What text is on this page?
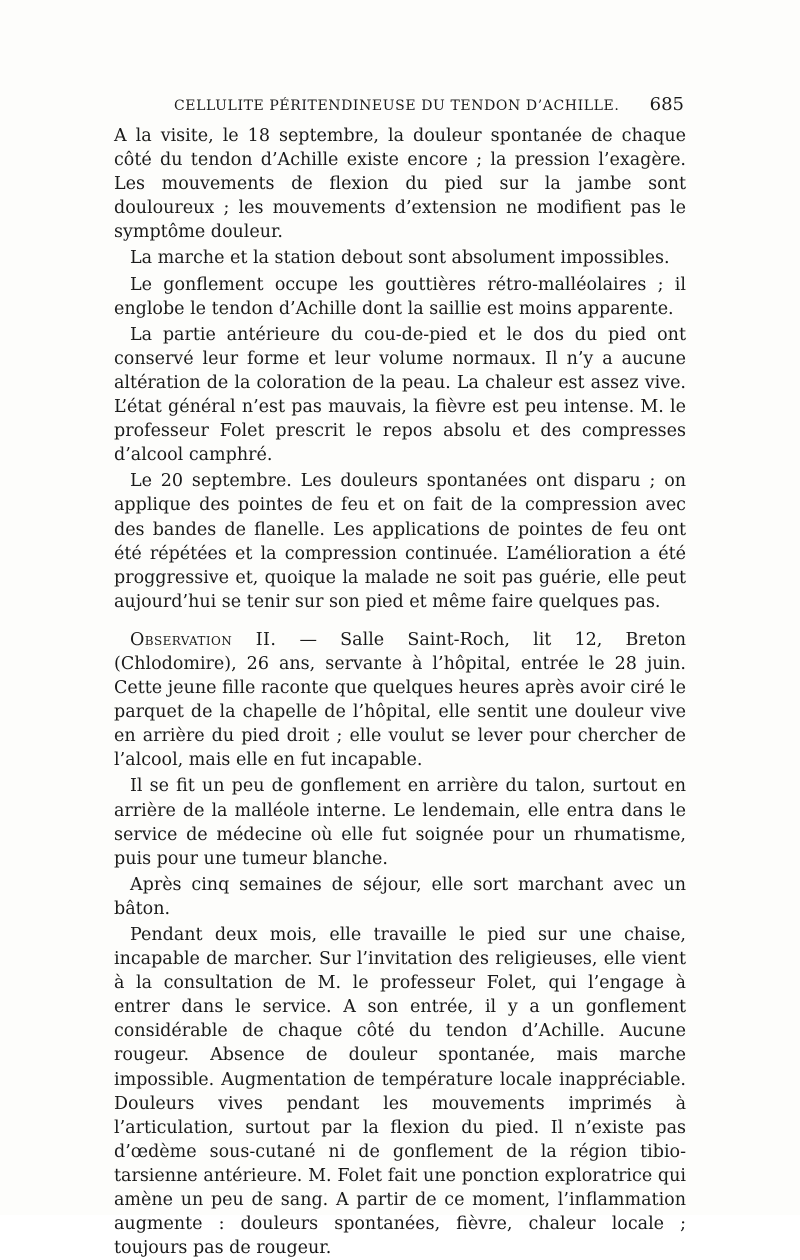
CELLULITE PÉRITENDINEUSE DU TENDON D’ACHILLE. 685

A la visite, le 18 septembre, la douleur spontanée de chaque côté du tendon d’Achille existe encore ; la pression l’exagère. Les mouvements de flexion du pied sur la jambe sont douloureux ; les mouvements d’extension ne modifient pas le symptôme douleur.

La marche et la station debout sont absolument impossibles.

Le gonflement occupe les gouttières rétro-malléolaires ; il englobe le tendon d’Achille dont la saillie est moins apparente.

La partie antérieure du cou-de-pied et le dos du pied ont conservé leur forme et leur volume normaux. Il n’y a aucune altération de la coloration de la peau. La chaleur est assez vive. L’état général n’est pas mauvais, la fièvre est peu intense. M. le professeur Folet prescrit le repos absolu et des compresses d’alcool camphré.

Le 20 septembre. Les douleurs spontanées ont disparu ; on applique des pointes de feu et on fait de la compression avec des bandes de flanelle. Les applications de pointes de feu ont été répétées et la compression continuée. L’amélioration a été proggressive et, quoique la malade ne soit pas guérie, elle peut aujourd’hui se tenir sur son pied et même faire quelques pas.

Observation II. — Salle Saint-Roch, lit 12, Breton (Chlodomire), 26 ans, servante à l’hôpital, entrée le 28 juin. Cette jeune fille raconte que quelques heures après avoir ciré le parquet de la chapelle de l’hôpital, elle sentit une douleur vive en arrière du pied droit ; elle voulut se lever pour chercher de l’alcool, mais elle en fut incapable.

Il se fit un peu de gonflement en arrière du talon, surtout en arrière de la malléole interne. Le lendemain, elle entra dans le service de médecine où elle fut soignée pour un rhumatisme, puis pour une tumeur blanche.

Après cinq semaines de séjour, elle sort marchant avec un bâton.

Pendant deux mois, elle travaille le pied sur une chaise, incapable de marcher. Sur l’invitation des religieuses, elle vient à la consultation de M. le professeur Folet, qui l’engage à entrer dans le service. A son entrée, il y a un gonflement considérable de chaque côté du tendon d’Achille. Aucune rougeur. Absence de douleur spontanée, mais marche impossible. Augmentation de température locale inappréciable. Douleurs vives pendant les mouvements imprimés à l’articulation, surtout par la flexion du pied. Il n’existe pas d’œdème sous-cutané ni de gonflement de la région tibio-tarsienne antérieure. M. Folet fait une ponction exploratrice qui amène un peu de sang. A partir de ce moment, l’inflammation augmente : douleurs spontanées, fièvre, chaleur locale ; toujours pas de rougeur.
